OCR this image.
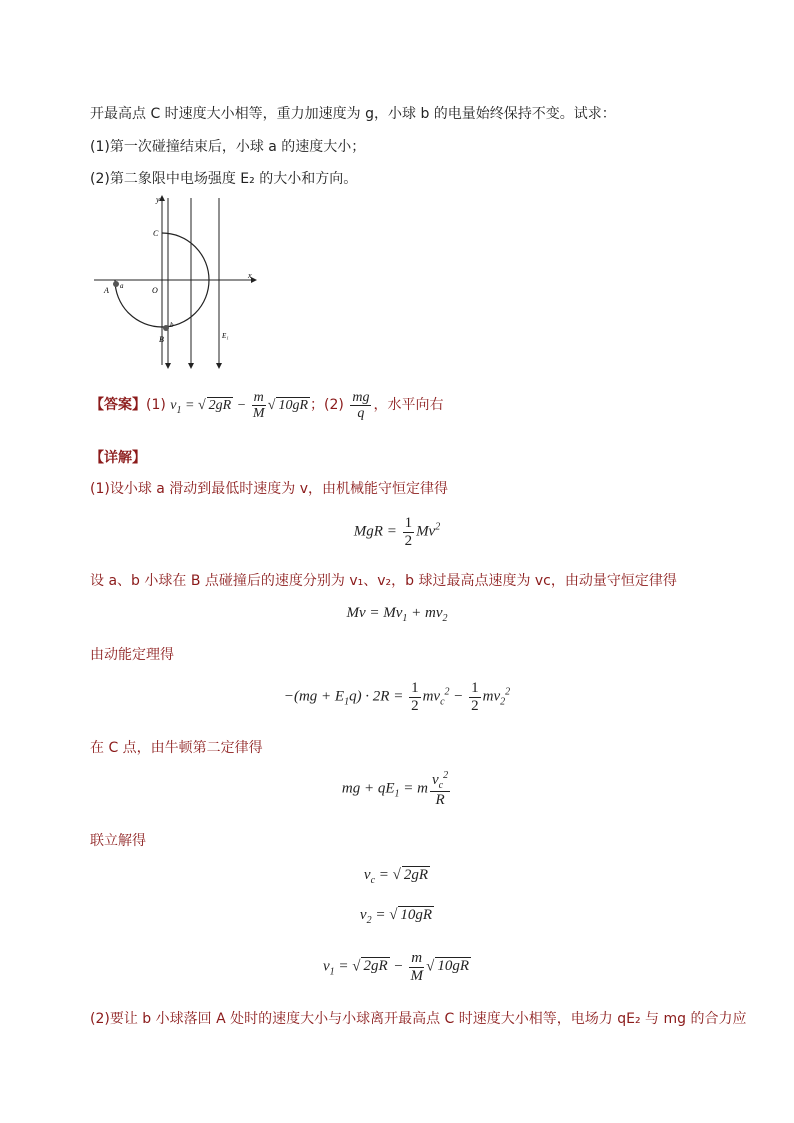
开最高点 C 时速度大小相等，重力加速度为 g，小球 b 的电量始终保持不变。试求：
(1)第一次碰撞结束后，小球 a 的速度大小；
(2)第二象限中电场强度 E₂ 的大小和方向。
y
x
C
A a	O
b
B	E₁
【答案】(1) $v_1$ = √ $2gR - \frac{m}{M}$ √ 10gR ；$(2) \frac{mg}{q}$ ，水平向右
【详解】
(1)设小球 a 滑动到最低时速度为 v，由机械能守恒定律得
MgR = $\frac{1}{2} Mv^2$
设 a、b 小球在 B 点碰撞后的速度分别为 v₁、v₂，b 球过最高点速度为 vc，由动量守恒定律得
$Mv = Mv_1 + mv_2$
由动能定理得
$-(mg + E_1q) \cdot 2R = \frac{1}{2} mv_c^2 - \frac{1}{2} mv_2^2$
在 C 点，由牛顿第二定律得
mg + $qE_1 = m \frac{v_c^2}{R}$
联立解得
$v_c$ = √ 2gR
$v_2$ = √ 10gR
$v_1$ = √ $2gR - \frac{m}{M}$ √ 10gR
(2)要让 b 小球落回 A 处时的速度大小与小球离开最高点 C 时速度大小相等，电场力 qE₂ 与 mg 的合力应
